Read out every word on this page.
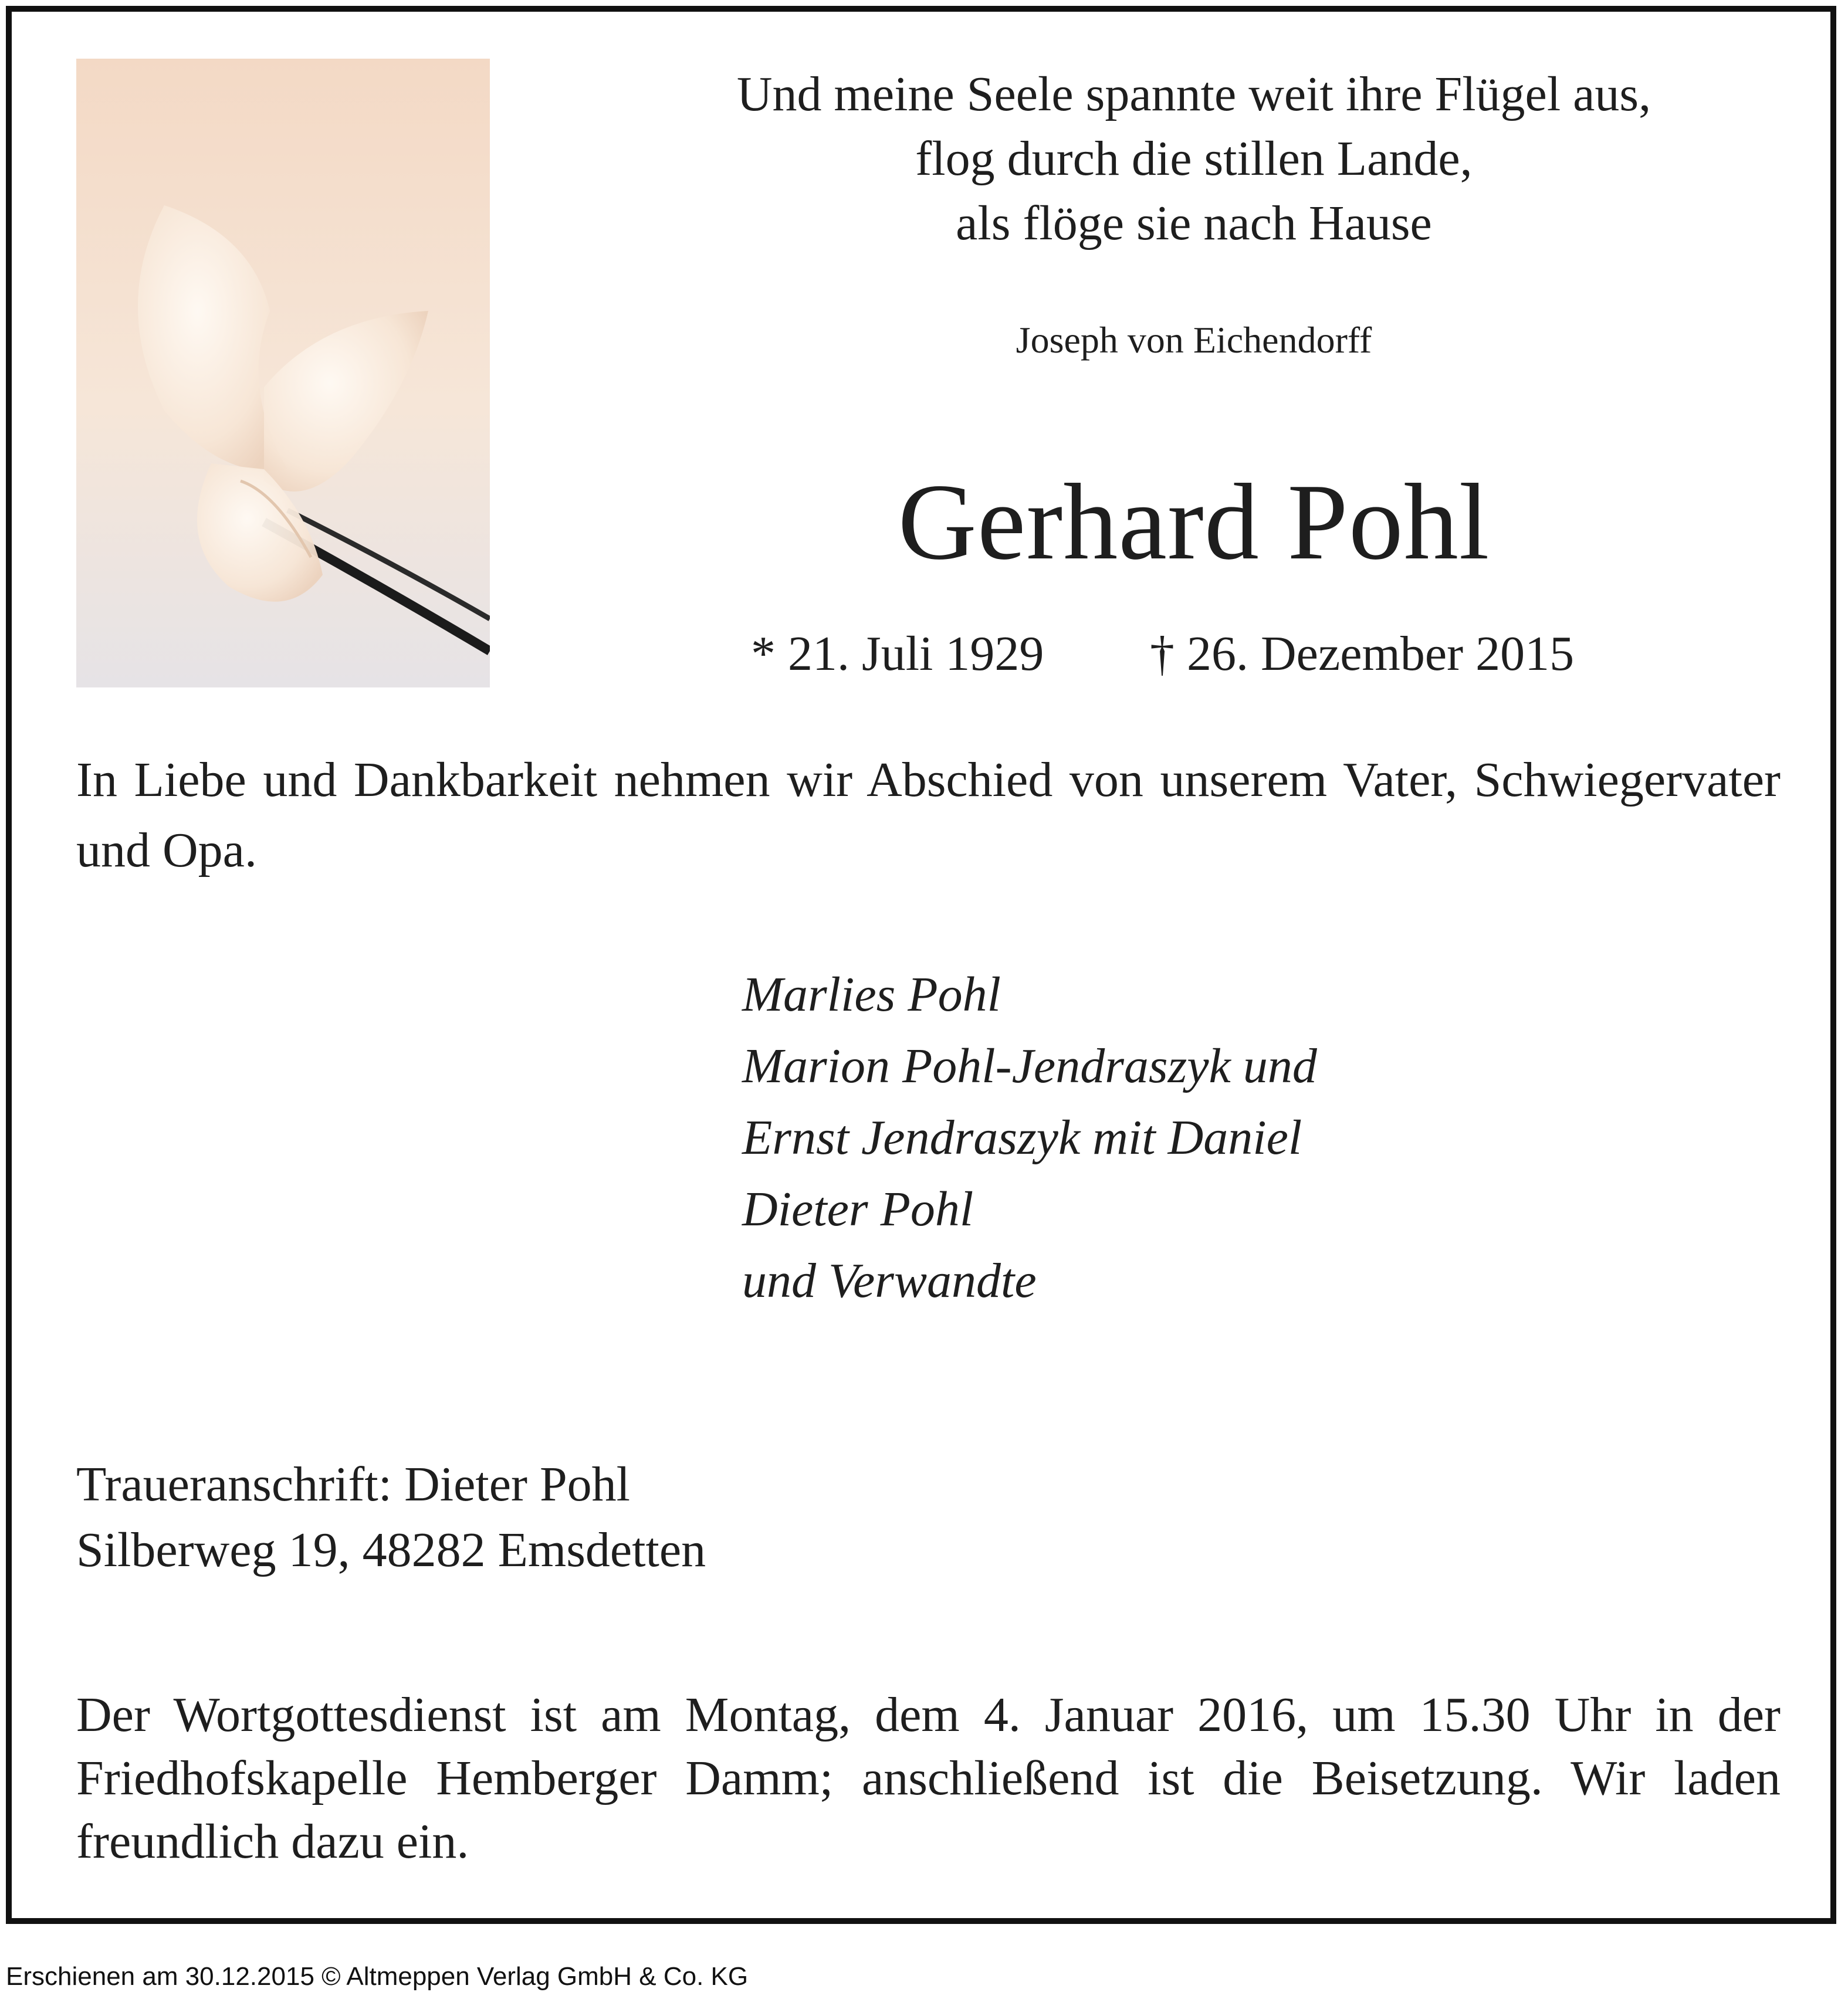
Und meine Seele spannte weit ihre Flügel aus,
flog durch die stillen Lande,
als flöge sie nach Hause
Joseph von Eichendorff
Gerhard Pohl
* 21. Juli 1929 † 26. Dezember 2015
In Liebe und Dankbarkeit nehmen wir Abschied von unserem Vater, Schwiegervater und Opa.
Marlies Pohl
Marion Pohl-Jendraszyk und
Ernst Jendraszyk mit Daniel
Dieter Pohl
und Verwandte
Traueranschrift: Dieter Pohl
Silberweg 19, 48282 Emsdetten
Der Wortgottesdienst ist am Montag, dem 4. Januar 2016, um 15.30 Uhr in der Friedhofskapelle Hemberger Damm; anschließend ist die Beisetzung. Wir laden freundlich dazu ein.
Erschienen am 30.12.2015 © Altmeppen Verlag GmbH & Co. KG
